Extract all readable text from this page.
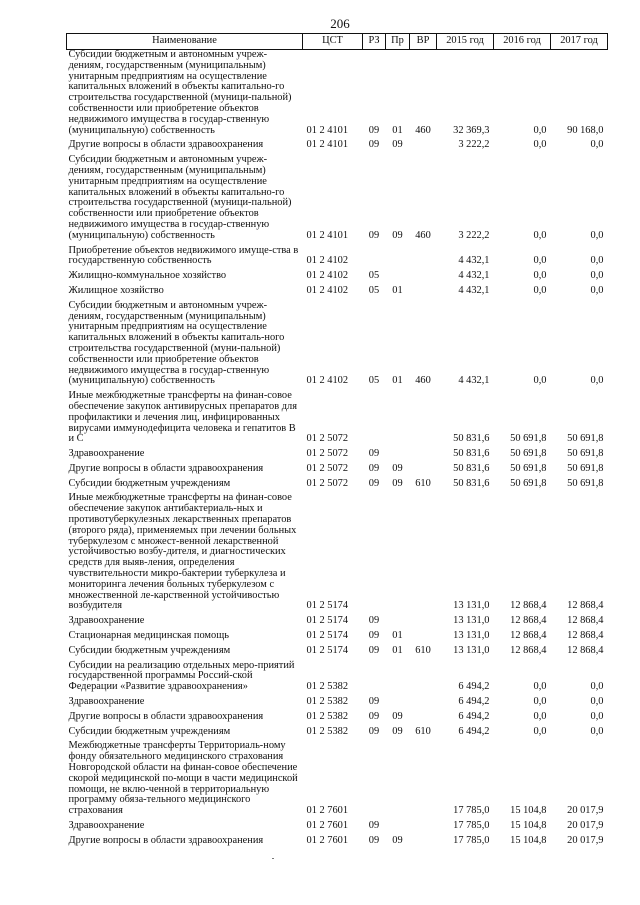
206
Наименование	ЦСТ	РЗ	Пр	ВР	2015 год	2016 год	2017 год
Субсидии бюджетным и автономным учреж-дениям, государственным (муниципальным) унитарным предприятиям на осуществление капитальных вложений в объекты капитально-го строительства государственной (муници-пальной) собственности или приобретение объектов недвижимого имущества в государ-ственную (муниципальную) собственность	01 2 4101	09	01	460	32 369,3	0,0	90 168,0
Другие вопросы в области здравоохранения	01 2 4101	09	09		3 222,2	0,0	0,0
Субсидии бюджетным и автономным учреж-дениям, государственным (муниципальным) унитарным предприятиям на осуществление капитальных вложений в объекты капитально-го строительства государственной (муници-пальной) собственности или приобретение объектов недвижимого имущества в государ-ственную (муниципальную) собственность	01 2 4101	09	09	460	3 222,2	0,0	0,0
Приобретение объектов недвижимого имуще-ства в государственную собственность	01 2 4102				4 432,1	0,0	0,0
Жилищно-коммунальное хозяйство	01 2 4102	05			4 432,1	0,0	0,0
Жилищное хозяйство	01 2 4102	05	01		4 432,1	0,0	0,0
Субсидии бюджетным и автономным учреж-дениям, государственным (муниципальным) унитарным предприятиям на осуществление капитальных вложений в объекты капиталь-ного строительства государственной (муни-пальной) собственности или приобретение объектов недвижимого имущества в государ-ственную (муниципальную) собственность	01 2 4102	05	01	460	4 432,1	0,0	0,0
Иные межбюджетные трансферты на финан-совое обеспечение закупок антивирусных препаратов для профилактики и лечения лиц, инфицированных вирусами иммунодефицита человека и гепатитов В и С	01 2 5072				50 831,6	50 691,8	50 691,8
Здравоохранение	01 2 5072	09			50 831,6	50 691,8	50 691,8
Другие вопросы в области здравоохранения	01 2 5072	09	09		50 831,6	50 691,8	50 691,8
Субсидии бюджетным учреждениям	01 2 5072	09	09	610	50 831,6	50 691,8	50 691,8
Иные межбюджетные трансферты на финан-совое обеспечение закупок антибактериаль-ных и противотуберкулезных лекарственных препаратов (второго ряда), применяемых при лечении больных туберкулезом с множест-венной лекарственной устойчивостью возбу-дителя, и диагностических средств для выяв-ления, определения чувствительности микро-бактерии туберкулеза и мониторинга лечения больных туберкулезом с множественной ле-карственной устойчивостью возбудителя	01 2 5174				13 131,0	12 868,4	12 868,4
Здравоохранение	01 2 5174	09			13 131,0	12 868,4	12 868,4
Стационарная медицинская помощь	01 2 5174	09	01		13 131,0	12 868,4	12 868,4
Субсидии бюджетным учреждениям	01 2 5174	09	01	610	13 131,0	12 868,4	12 868,4
Субсидии на реализацию отдельных меро-приятий государственной программы Россий-ской Федерации «Развитие здравоохранения»	01 2 5382				6 494,2	0,0	0,0
Здравоохранение	01 2 5382	09			6 494,2	0,0	0,0
Другие вопросы в области здравоохранения	01 2 5382	09	09		6 494,2	0,0	0,0
Субсидии бюджетным учреждениям	01 2 5382	09	09	610	6 494,2	0,0	0,0
Межбюджетные трансферты Территориаль-ному фонду обязательного медицинского страхования Новгородской области на финан-совое обеспечение скорой медицинской по-мощи в части медицинской помощи, не вклю-ченной в территориальную программу обяза-тельного медицинского страхования	01 2 7601				17 785,0	15 104,8	20 017,9
Здравоохранение	01 2 7601	09			17 785,0	15 104,8	20 017,9
Другие вопросы в области здравоохранения	01 2 7601	09	09		17 785,0	15 104,8	20 017,9
